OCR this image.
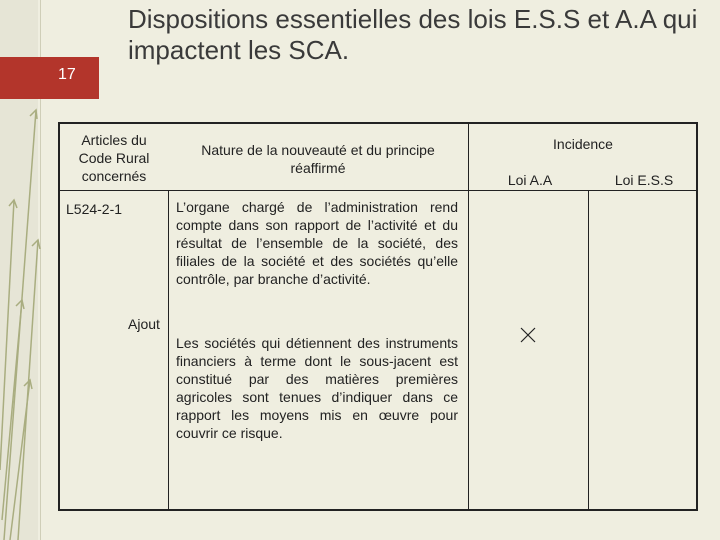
17
Dispositions essentielles des lois E.S.S et A.A qui impactent les SCA.
Articles du Code Rural concernés
Nature de la nouveauté et du principe réaffirmé
Incidence
Loi A.A	Loi E.S.S
L524-2-1
Ajout
L’organe chargé de l’administration rend compte dans son rapport de l’activité et du résultat de l’ensemble de la société, des filiales de la société et des sociétés qu’elle contrôle, par branche d’activité.
Les sociétés qui détiennent des instruments financiers à terme dont le sous-jacent est constitué par des matières premières agricoles sont tenues d’indiquer dans ce rapport les moyens mis en œuvre pour couvrir ce risque.
